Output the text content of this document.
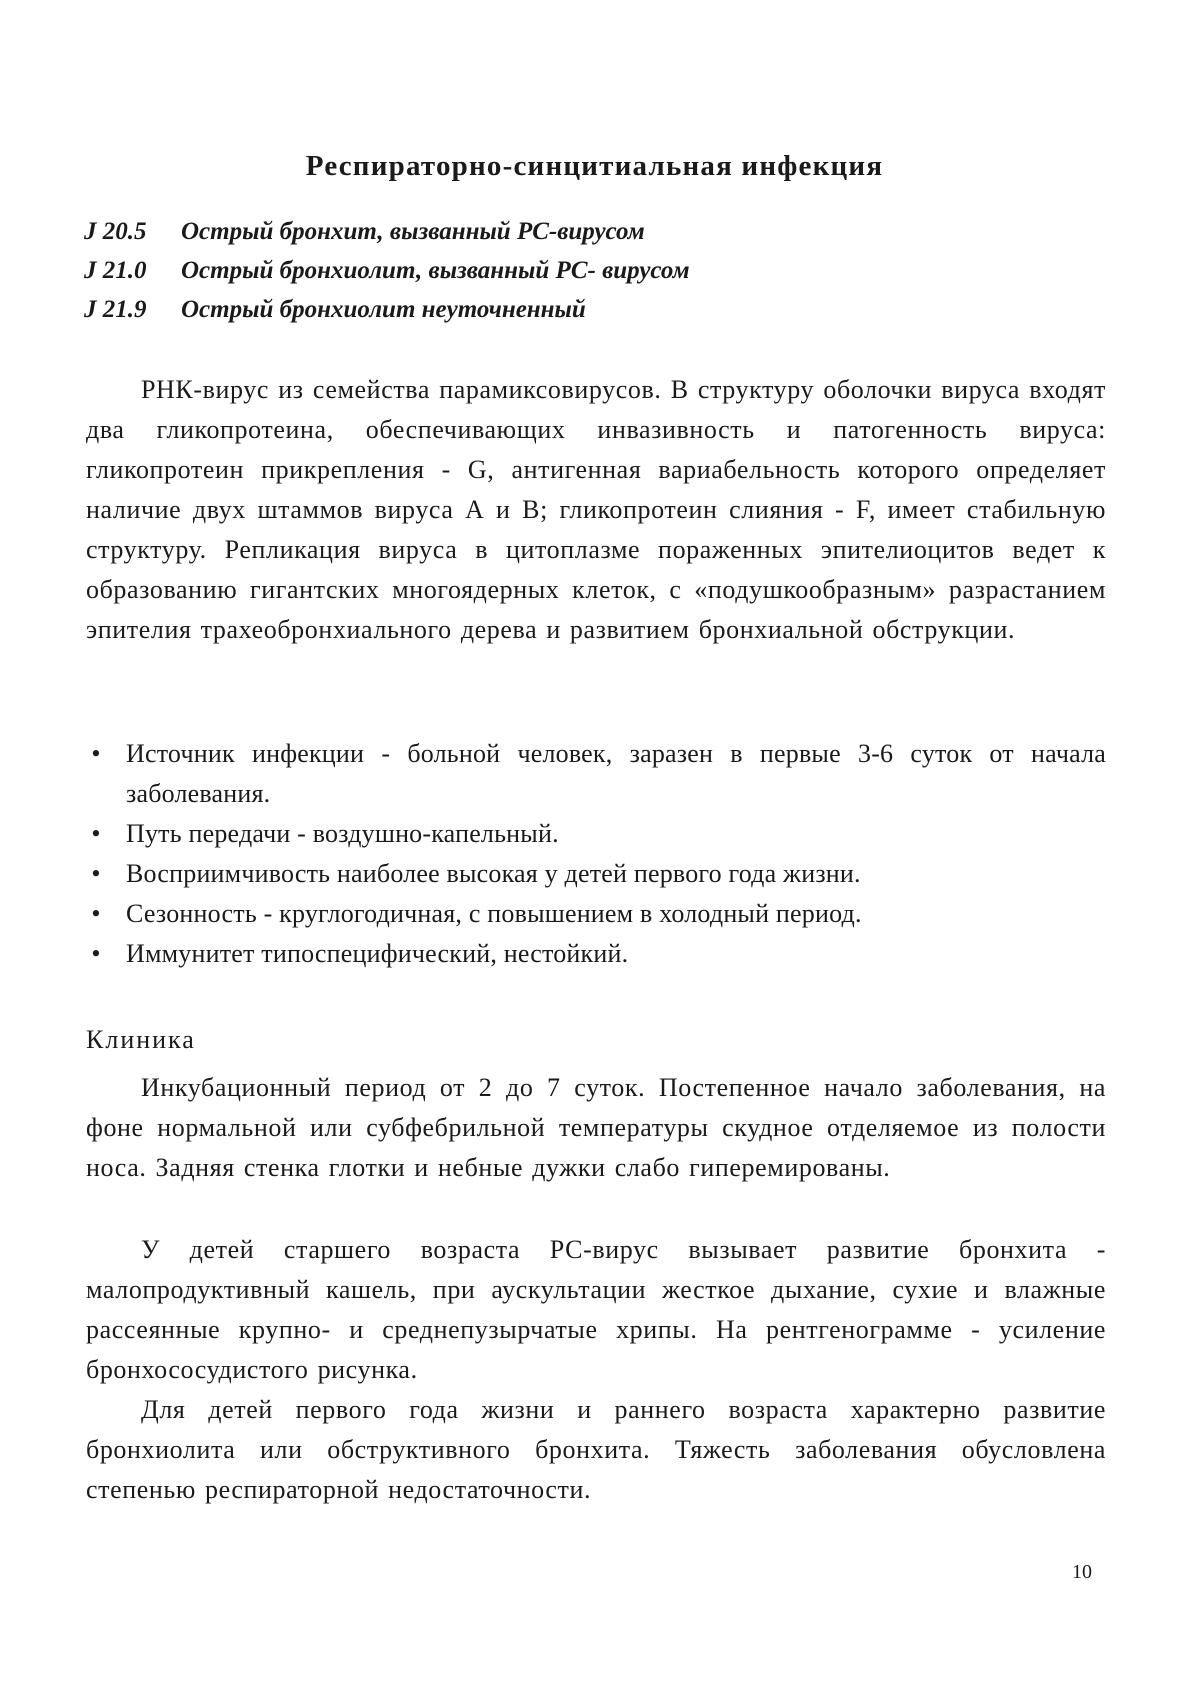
Респираторно-синцитиальная инфекция
J 20.5 Острый бронхит, вызванный РС-вирусом
J 21.0 Острый бронхиолит, вызванный РС- вирусом
J 21.9 Острый бронхиолит неуточненный

РНК-вирус из семейства парамиксовирусов. В структуру оболочки вируса входят два гликопротеина, обеспечивающих инвазивность и патогенность вируса: гликопротеин прикрепления - G, антигенная вариабельность которого определяет наличие двух штаммов вируса А и В; гликопротеин слияния - F, имеет стабильную структуру. Репликация вируса в цитоплазме пораженных эпителиоцитов ведет к образованию гигантских многоядерных клеток, с «подушкообразным» разрастанием эпителия трахеобронхиального дерева и развитием бронхиальной обструкции.

• Источник инфекции - больной человек, заразен в первые 3-6 суток от начала заболевания.
• Путь передачи - воздушно-капельный.
• Восприимчивость наиболее высокая у детей первого года жизни.
• Сезонность - круглогодичная, с повышением в холодный период.
• Иммунитет типоспецифический, нестойкий.
Клиника

Инкубационный период от 2 до 7 суток. Постепенное начало заболевания, на фоне нормальной или субфебрильной температуры скудное отделяемое из полости носа. Задняя стенка глотки и небные дужки слабо гиперемированы.

У детей старшего возраста РС-вирус вызывает развитие бронхита - малопродуктивный кашель, при аускультации жесткое дыхание, сухие и влажные рассеянные крупно- и среднепузырчатые хрипы. На рентгенограмме - усиление бронхососудистого рисунка.

Для детей первого года жизни и раннего возраста характерно развитие бронхиолита или обструктивного бронхита. Тяжесть заболевания обусловлена степенью респираторной недостаточности.

10
